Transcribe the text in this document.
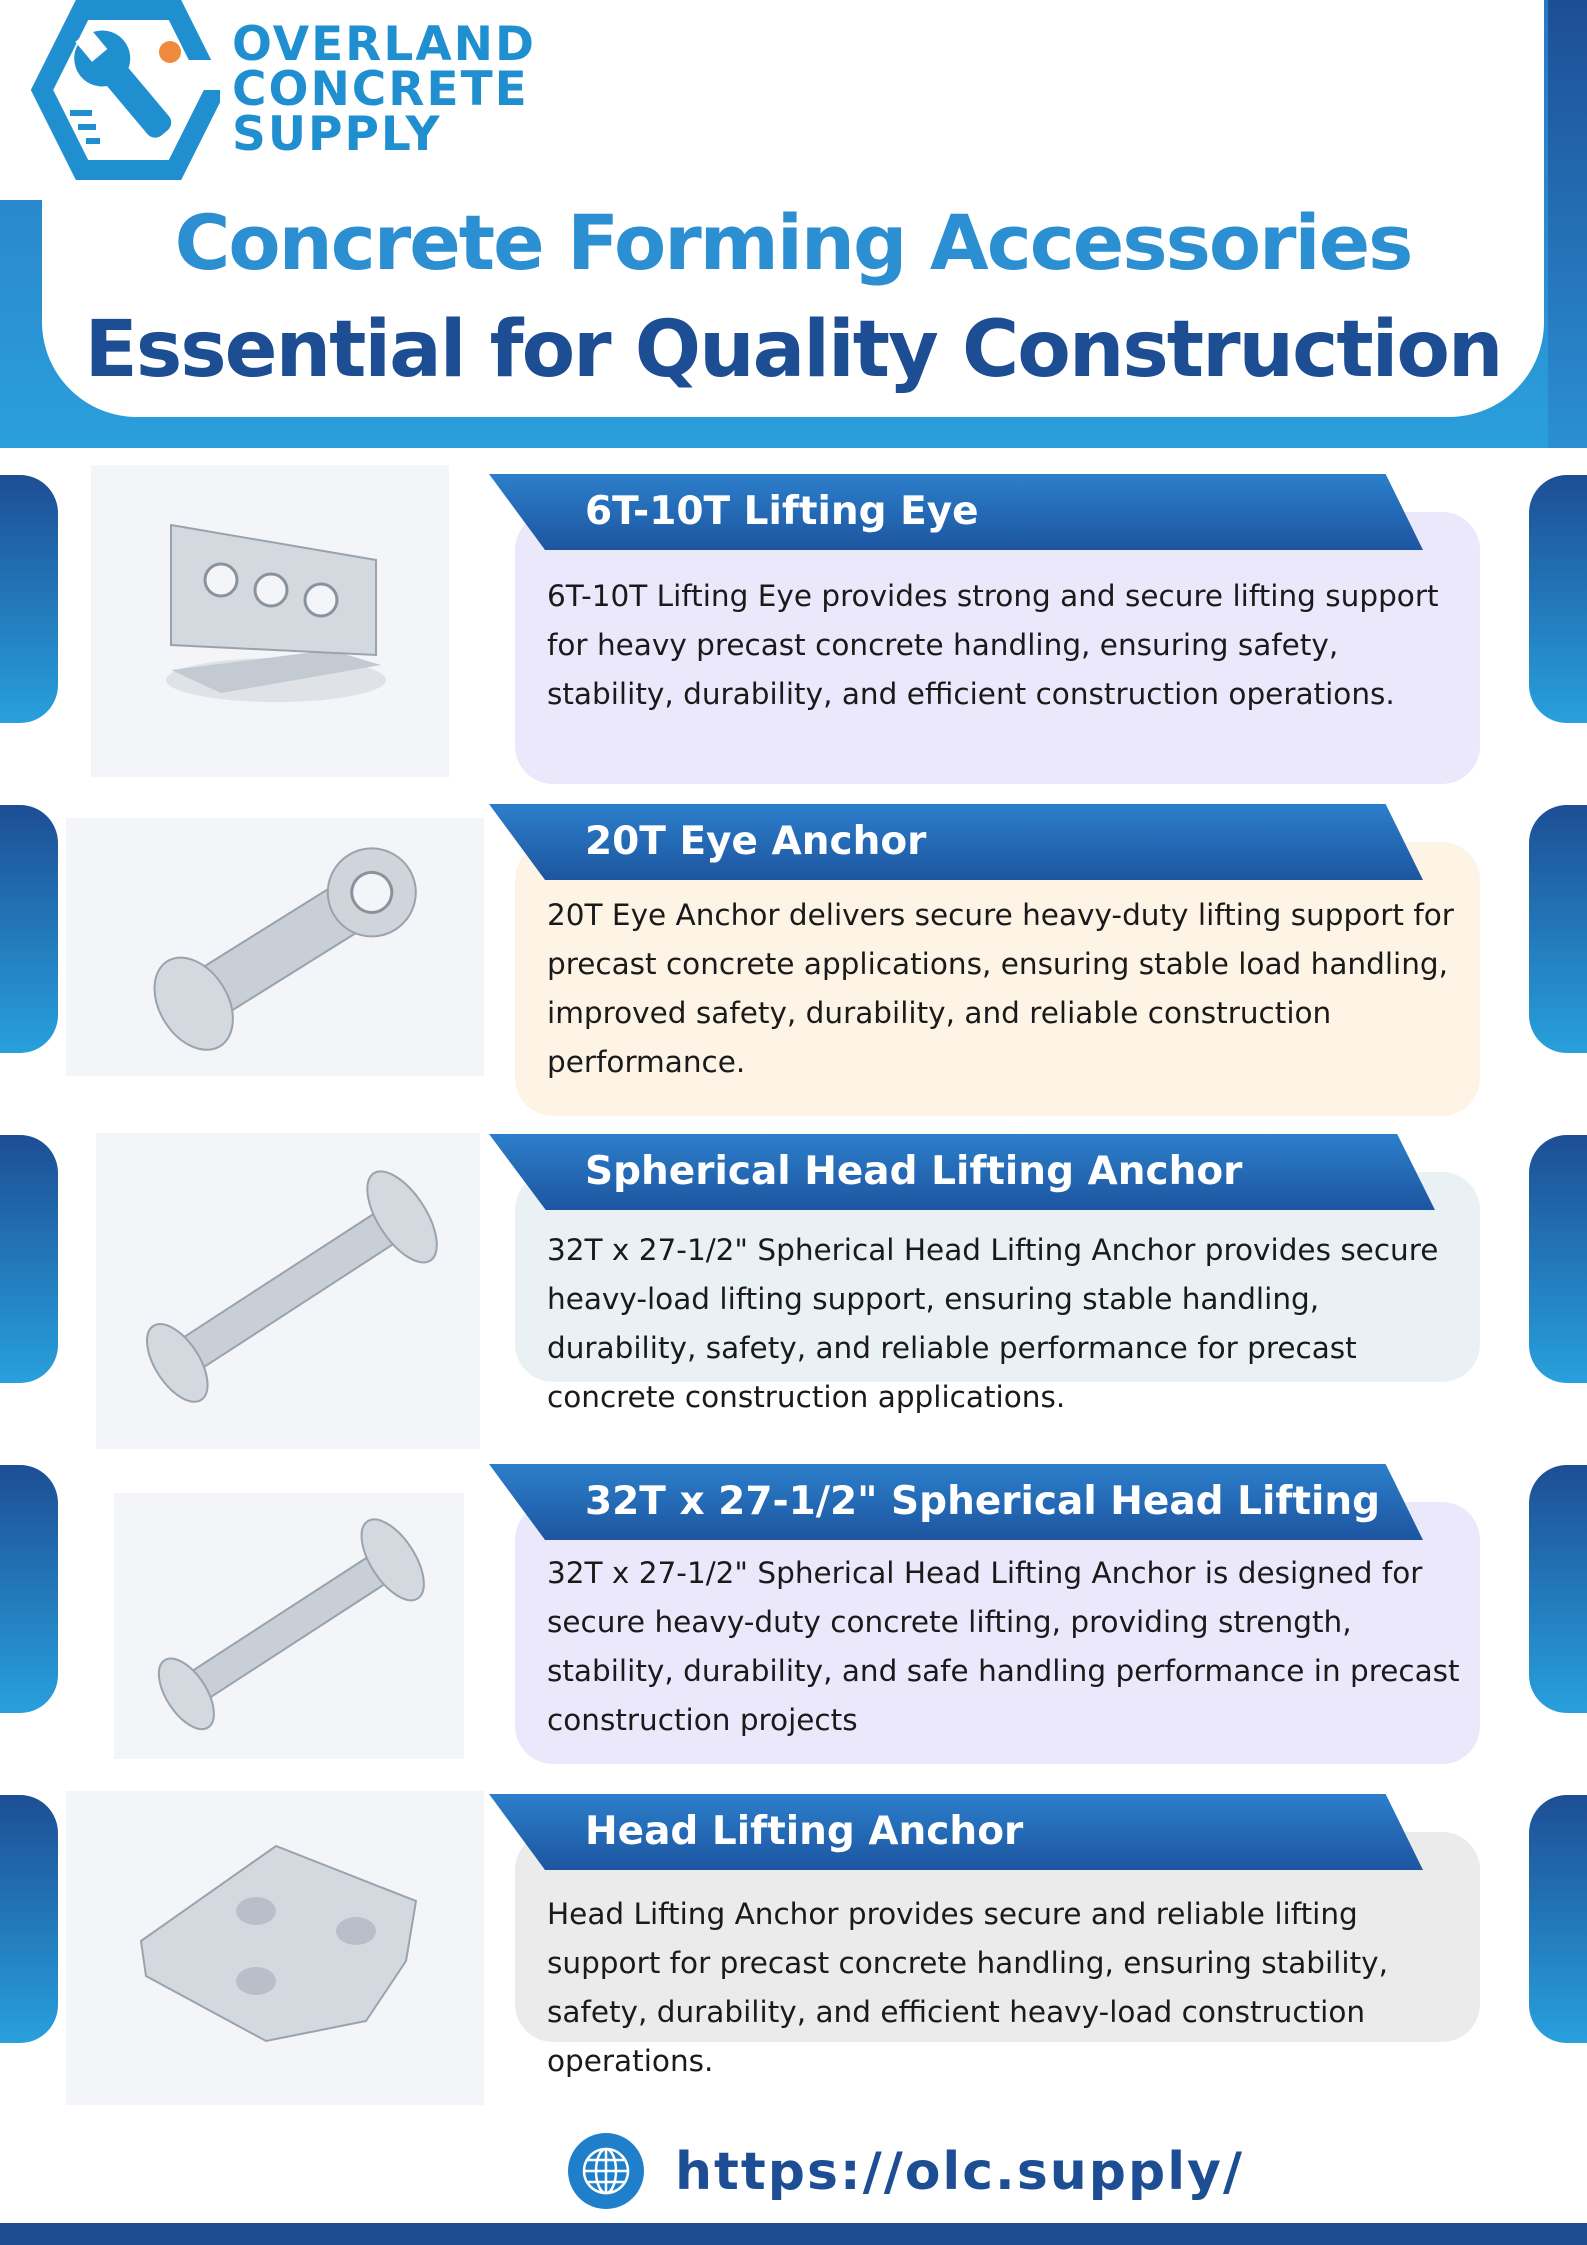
OVERLAND
CONCRETE
SUPPLY
Concrete Forming Accessories
Essential for Quality Construction
6T-10T Lifting Eye

6T-10T Lifting Eye provides strong and secure lifting support for heavy precast concrete handling, ensuring safety, stability, durability, and efficient construction operations.

20T Eye Anchor

20T Eye Anchor delivers secure heavy-duty lifting support for precast concrete applications, ensuring stable load handling, improved safety, durability, and reliable construction performance.

Spherical Head Lifting Anchor

32T x 27-1/2" Spherical Head Lifting Anchor provides secure heavy-load lifting support, ensuring stable handling, durability, safety, and reliable performance for precast concrete construction applications.

32T x 27-1/2" Spherical Head Lifting

32T x 27-1/2" Spherical Head Lifting Anchor is designed for secure heavy-duty concrete lifting, providing strength, stability, durability, and safe handling performance in precast construction projects

Head Lifting Anchor

Head Lifting Anchor provides secure and reliable lifting support for precast concrete handling, ensuring stability, safety, durability, and efficient heavy-load construction operations.

https://olc.supply/
